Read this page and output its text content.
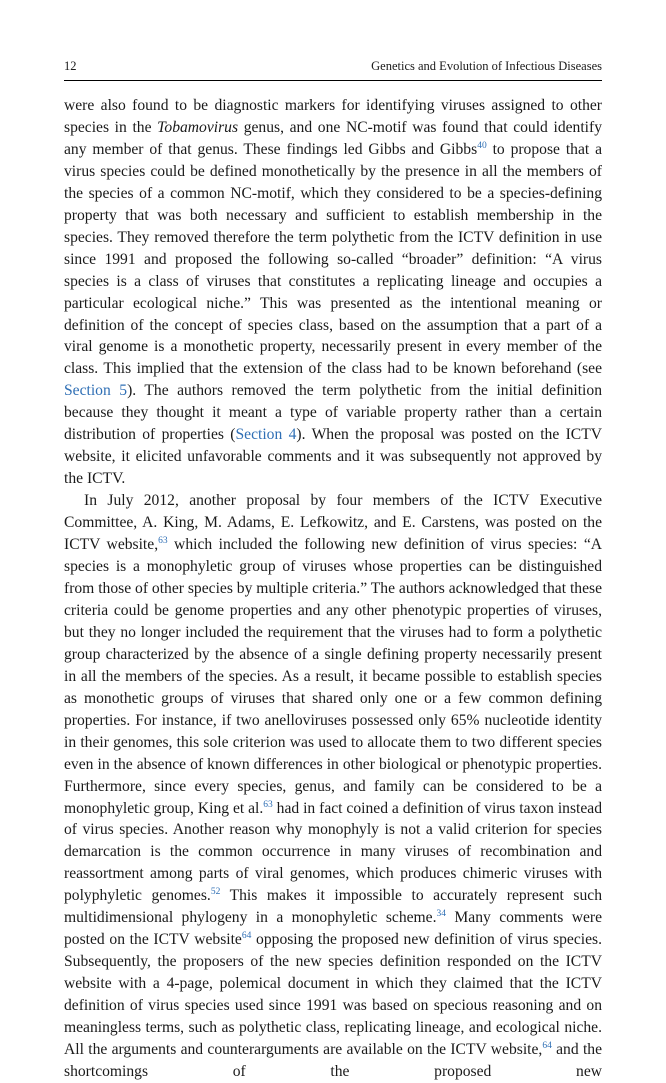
12	Genetics and Evolution of Infectious Diseases

were also found to be diagnostic markers for identifying viruses assigned to other species in the Tobamovirus genus, and one NC-motif was found that could identify any member of that genus. These findings led Gibbs and Gibbs$^{40}$ to propose that a virus species could be defined monothetically by the presence in all the members of the species of a common NC-motif, which they considered to be a species-defining property that was both necessary and sufficient to establish membership in the species. They removed therefore the term polythetic from the ICTV definition in use since 1991 and proposed the following so-called “broader” definition: “A virus species is a class of viruses that constitutes a replicating lineage and occupies a particular ecological niche.” This was presented as the intentional meaning or definition of the concept of species class, based on the assumption that a part of a viral genome is a monothetic property, necessarily present in every member of the class. This implied that the extension of the class had to be known beforehand (see Section 5). The authors removed the term polythetic from the initial definition because they thought it meant a type of variable property rather than a certain distribution of properties (Section 4). When the proposal was posted on the ICTV website, it elicited unfavorable comments and it was subsequently not approved by the ICTV.

In July 2012, another proposal by four members of the ICTV Executive Committee, A. King, M. Adams, E. Lefkowitz, and E. Carstens, was posted on the ICTV website,$^{63}$ which included the following new definition of virus species: “A species is a monophyletic group of viruses whose properties can be distinguished from those of other species by multiple criteria.” The authors acknowledged that these criteria could be genome properties and any other phenotypic properties of viruses, but they no longer included the requirement that the viruses had to form a polythetic group characterized by the absence of a single defining property necessarily present in all the members of the species. As a result, it became possible to establish species as monothetic groups of viruses that shared only one or a few common defining properties. For instance, if two anelloviruses possessed only 65% nucleotide identity in their genomes, this sole criterion was used to allocate them to two different species even in the absence of known differences in other biological or phenotypic properties. Furthermore, since every species, genus, and family can be considered to be a monophyletic group, King et al.$^{63}$ had in fact coined a definition of virus taxon instead of virus species. Another reason why monophyly is not a valid criterion for species demarcation is the common occurrence in many viruses of recombination and reassortment among parts of viral genomes, which produces chimeric viruses with polyphyletic genomes.$^{52}$ This makes it impossible to accurately represent such multidimensional phylogeny in a monophyletic scheme.$^{34}$ Many comments were posted on the ICTV website$^{64}$ opposing the proposed new definition of virus species. Subsequently, the proposers of the new species definition responded on the ICTV website with a 4-page, polemical document in which they claimed that the ICTV definition of virus species used since 1991 was based on specious reasoning and on meaningless terms, such as polythetic class, replicating lineage, and ecological niche. All the arguments and counterarguments are available on the ICTV website,$^{64}$ and the shortcomings of the proposed new
